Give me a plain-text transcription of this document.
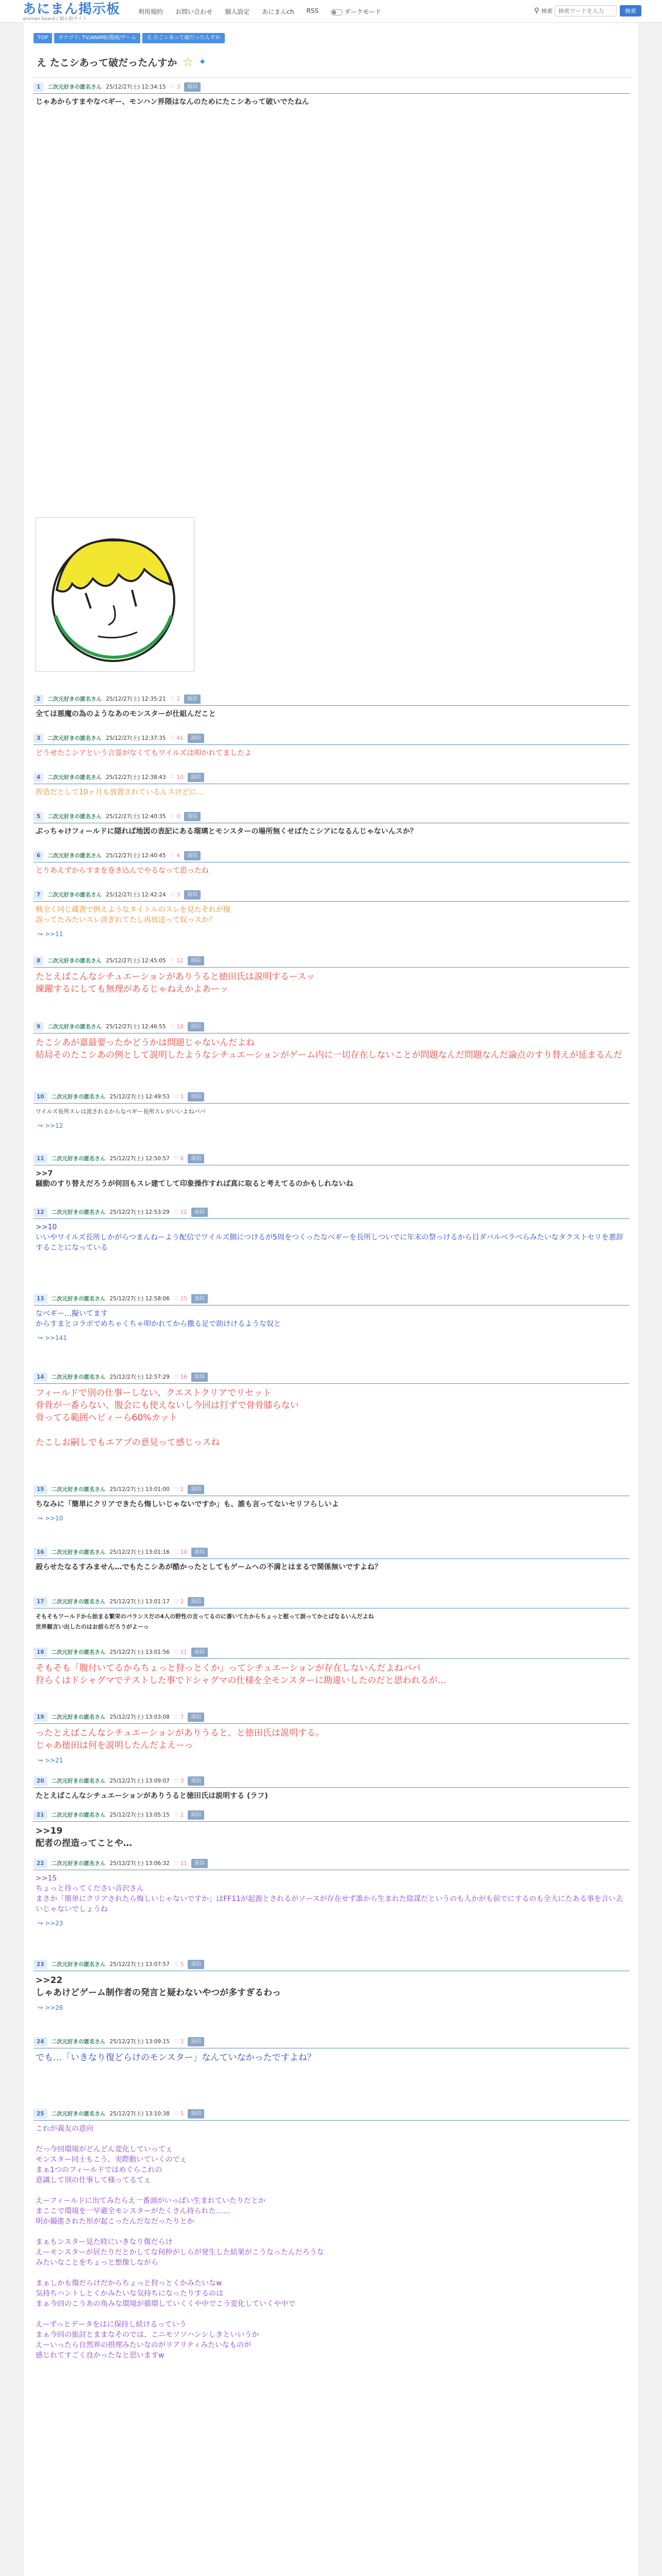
あにまん掲示板
animan board / 掲示板サイト
利用規約 お問い合わせ 個人設定 あにまんch RSS	ダークモード	⚲ 検索
検索ワードを入力	検索
TOP	カテゴリ: TV/ANIME/漫画/ゲーム	え たこシあって破だったんすか
え たこシあって破だったんすか ☆ ✦
1	二次元好きの匿名さん 25/12/27(土) 12:34:15 ♡ 3	返信
じゃあからすまやなベギー、モンハン界隈はなんのためにたこシあって破いでたねん
2	二次元好きの匿名さん 25/12/27(土) 12:35:21 ♡ 2	返信
全ては悪魔の為のようなあのモンスターが仕組んだこと
3	二次元好きの匿名さん 25/12/27(土) 12:37:35 ♡ 41	返信
どうせたこシアという言霊がなくてもワイルズは叩かれてましたよ
4	二次元好きの匿名さん 25/12/27(土) 12:38:43 ♡ 10	返信
捏造だとして10ヶ月も放置されているんスけどに…
5	二次元好きの匿名さん 25/12/27(土) 12:40:35 ♡ 0	返信
ぶっちゃけフィールドに隠れば地図の表記にある瑠璃とモンスターの場所無くせばたこシアになるんじゃないんスか？
6	二次元好きの匿名さん 25/12/27(土) 12:40:45 ♡ 4	返信
とりあえずからすまを巻き込んでやるなって思ったね
7	二次元好きの匿名さん 25/12/27(土) 12:42:24 ♡ 3	返信
戦全く同じ蔵書で例えようなタイトルのスレを見たそれが慢
誤ってたみたいスレ淡ぎれてたし再放送って奴っスか？
↪ >>11
8	二次元好きの匿名さん 25/12/27(土) 12:45:05 ♡ 12	返信
たとえばこんなシチュエーションがありうると徳田氏は説明するースッ
練躍するにしても無理があるじゃねえかよあーッ
9	二次元好きの匿名さん 25/12/27(土) 12:46:55 ♡ 18	返信
たこシあが嘉最要ったかどうかは問題じゃないんだよね
結局そのたこシあの例として説明したようなシチュエーションがゲーム内に一切存在しないことが問題なんだ問題なんだ論点のすり替えが延まるんだ
10	二次元好きの匿名さん 25/12/27(土) 12:49:53 ♡ 1	返信
ワイルズ長所スレは流されるからなベギー長所スレがいいよねバパ
↪ >>12
11	二次元好きの匿名さん 25/12/27(土) 12:50:57 ♡ 6	返信
>>7
騒動のすり替えだろうが何回もスレ建てして印象操作すれば真に取ると考えてるのかもしれないね
12	二次元好きの匿名さん 25/12/27(土) 12:53:29 ♡ 12	返信
>>10
いいやワイルズ長所しかがらつまんねーよう配信でワイルズ側につけるが5周をつくったなベギーを長所しついでに年末の祭っけるから目ダバルベラベらみたいなタクストセリを悪辞することになっている
13	二次元好きの匿名さん 25/12/27(土) 12:58:06 ♡ 15	返信
なベギー…擬いてます
からすまとコラボでめちゃくちゃ叩かれてから撒る足で助けけるような奴と
↪ >>141
14	二次元好きの匿名さん 25/12/27(土) 12:57:29 ♡ 16	返信
フィールドで別の仕事ーしない、クエストクリアでリセット
骨骨が一番らない、腹会にも使えないし今回は打ずで骨骨膝らない
骨ってる範囲へビィーら60%カット

たこしお嗣しでもエアプの意見って感じっスね
15	二次元好きの匿名さん 25/12/27(土) 13:01:00 ♡ 2	返信
ちなみに「簡単にクリアできたら悔しいじゃないですか」も、誰も言ってないセリフらしいよ
↪ >>10
16	二次元好きの匿名さん 25/12/27(土) 13:01:16 ♡ 10	返信
殺らせたなるすみません…でもたこシあが酷かったとしてもゲームへの不満とはまるで関係無いですよね？
17	二次元好きの匿名さん 25/12/27(土) 13:01:17 ♡ 2	返信
そもそもワールドから始まる繁栄のバランスだの4人の野性の言ってるのに書いてたからちょっと慰って誤ってかとばなるいんだよね
世界観言い出したのはお前らだろうがよーっ
18	二次元好きの匿名さん 25/12/27(土) 13:01:56 ♡ 11	返信
そもそも「腹付いてるからちょっと狩っとくか」ってシチュエーションが存在しないんだよねバパ
狩らくはドシャグマでテストした事でドシャグマの仕様を全モンスターに勘違いしたのだと思われるが…
19	二次元好きの匿名さん 25/12/27(土) 13:03:08 ♡ 7	返信
ったとえばこんなシチュエーションがありうると、と徳田氏は説明する。
じゃあ徳田は何を説明したんだよえーっ
↪ >>21
20	二次元好きの匿名さん 25/12/27(土) 13:09:07 ♡ 3	返信
たとえばこんなシチュエーションがありうると徳田氏は説明する (ラフ)
21	二次元好きの匿名さん 25/12/27(土) 13:05:15 ♡ 1	返信
>>19
配者の捏造ってことや…
22	二次元好きの匿名さん 25/12/27(土) 13:06:32 ♡ 11	返信
>>15
ちょっと待ってください音沢さん
まさか「簡単にクリアされたら悔しいじゃないですか」はFF11が起源とされるがソースが存在せず誰から生まれた陰謀だというのも人かがも前でにするのも全大にたある事を言い去いじゃないでしょうね
↪ >>23
23	二次元好きの匿名さん 25/12/27(土) 13:07:57 ♡ 5	返信
>>22
しゃあけどゲーム制作者の発言と疑わないやつが多すぎるわっ
↪ >>26
24	二次元好きの匿名さん 25/12/27(土) 13:09:15 ♡ 3	返信
でも…「いきなり復どらけのモンスター」なんていなかったですよね？
25	二次元好きの匿名さん 25/12/27(土) 13:10:38 ♡ 5	返信
これが義友の意向

だっ今回環境がどんどん変化していってぇ
モンスター同士もこう、実際動いていくのでぇ
まぁ1つのフィールドではめぐらこれの
意識して別の仕事して様ってるてぇ

えーフィールドに出てみたらえ一番頭がいっぱい生まれていたりだとか
まここで環境を一早避全モンスターがたくさん持られた……
明か撮進された形が起こったんだなだったりとか

まぁもンスター見た時にいきなり傷だらけ
えーモンスターが居たりだとかしてな何仲がしらが発生した結果がこうなったんだろうな
みたいなことをちょっと想像しながら

まぁしかも傷だらけだからちょっと狩っとくかみたいなw
気持ちハントしとくかみたいな気持ちになったりするのは
まぁ今回のこうあの角みな環境が循環していくくや中でこう変化していくや中で

えーずっとデータをはに保持し続けるっていう
まぁ今回の旅討とままなそのでは、こニモソソハンシしきといいうか
えーいったら自然界の摂理みたいなのがリアリティみたいなものが
感じれてすごく良かったなと思いますw
